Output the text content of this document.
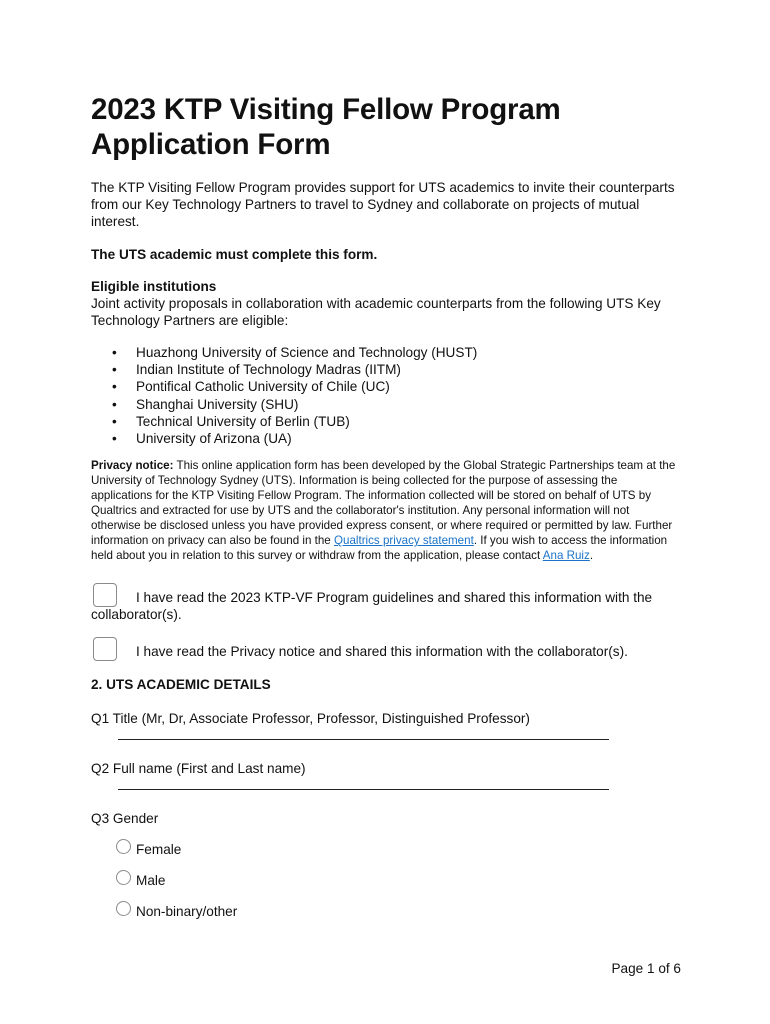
2023 KTP Visiting Fellow Program
Application Form

The KTP Visiting Fellow Program provides support for UTS academics to invite their counterparts from our Key Technology Partners to travel to Sydney and collaborate on projects of mutual interest.

The UTS academic must complete this form.

Eligible institutions

Joint activity proposals in collaboration with academic counterparts from the following UTS Key Technology Partners are eligible:

• Huazhong University of Science and Technology (HUST)
• Indian Institute of Technology Madras (IITM)
• Pontifical Catholic University of Chile (UC)
• Shanghai University (SHU)
• Technical University of Berlin (TUB)
• University of Arizona (UA)

Privacy notice: This online application form has been developed by the Global Strategic Partnerships team at the University of Technology Sydney (UTS). Information is being collected for the purpose of assessing the applications for the KTP Visiting Fellow Program. The information collected will be stored on behalf of UTS by Qualtrics and extracted for use by UTS and the collaborator's institution. Any personal information will not otherwise be disclosed unless you have provided express consent, or where required or permitted by law. Further information on privacy can also be found in the Qualtrics privacy statement. If you wish to access the information held about you in relation to this survey or withdraw from the application, please contact Ana Ruiz.

I have read the 2023 KTP-VF Program guidelines and shared this information with the collaborator(s).
I have read the Privacy notice and shared this information with the collaborator(s).

2. UTS ACADEMIC DETAILS

Q1 Title (Mr, Dr, Associate Professor, Professor, Distinguished Professor)

Q2 Full name (First and Last name)

Q3 Gender

Female
Male
Non-binary/other
Page 1 of 6
